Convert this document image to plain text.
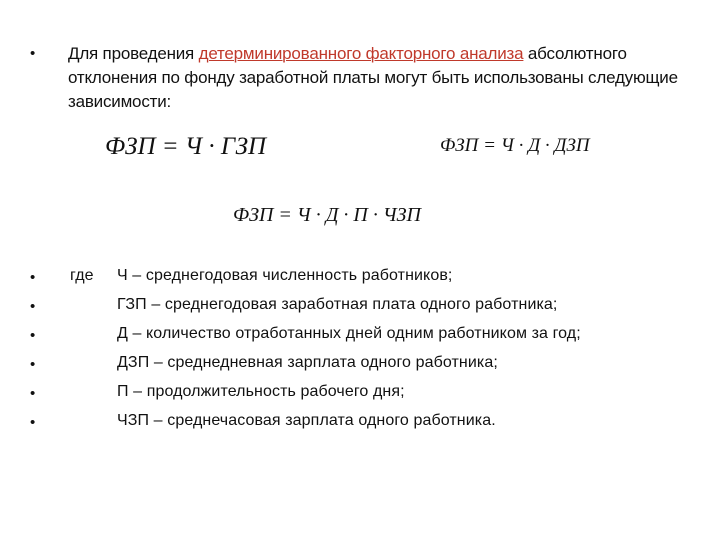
• Для проведения детерминированного факторного анализа абсолютного
отклонения по фонду заработной платы могут быть использованы следующие
зависимости:
ФЗП = Ч · ГЗП	ФЗП = Ч · Д · ДЗП
ФЗП = Ч · Д · П · ЧЗП
• где Ч – среднегодовая численность работников;
•	ГЗП – среднегодовая заработная плата одного работника;
•	Д – количество отработанных дней одним работником за год;
•	ДЗП – среднедневная зарплата одного работника;
•	П – продолжительность рабочего дня;
•	ЧЗП – среднечасовая зарплата одного работника.
